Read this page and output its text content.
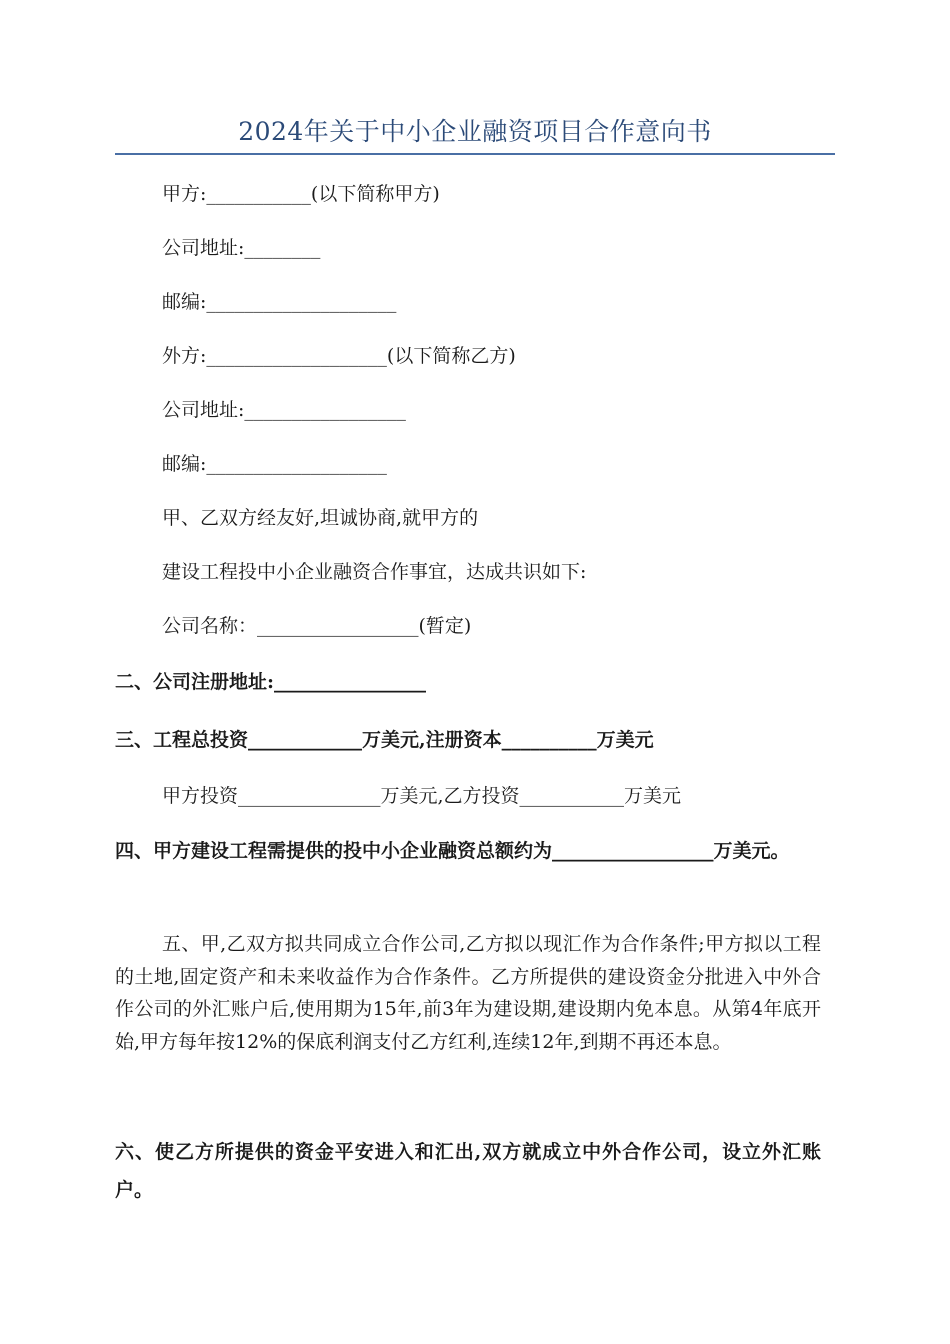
2024年关于中小企业融资项目合作意向书
甲方:___________(以下简称甲方)
公司地址:________
邮编:____________________
外方:___________________(以下简称乙方)
公司地址:_________________
邮编:___________________
甲、乙双方经友好,坦诚协商,就甲方的
建设工程投中小企业融资合作事宜，达成共识如下:
公司名称：_________________(暂定)
二、公司注册地址:________________
三、工程总投资____________万美元,注册资本__________万美元
甲方投资_______________万美元,乙方投资___________万美元
四、甲方建设工程需提供的投中小企业融资总额约为_________________万美元。
五、甲,乙双方拟共同成立合作公司,乙方拟以现汇作为合作条件;甲方拟以工程的土地,固定资产和未来收益作为合作条件。乙方所提供的建设资金分批进入中外合作公司的外汇账户后,使用期为15年,前3年为建设期,建设期内免本息。从第4年底开始,甲方每年按12%的保底利润支付乙方红利,连续12年,到期不再还本息。
六、使乙方所提供的资金平安进入和汇出,双方就成立中外合作公司，设立外汇账户。
